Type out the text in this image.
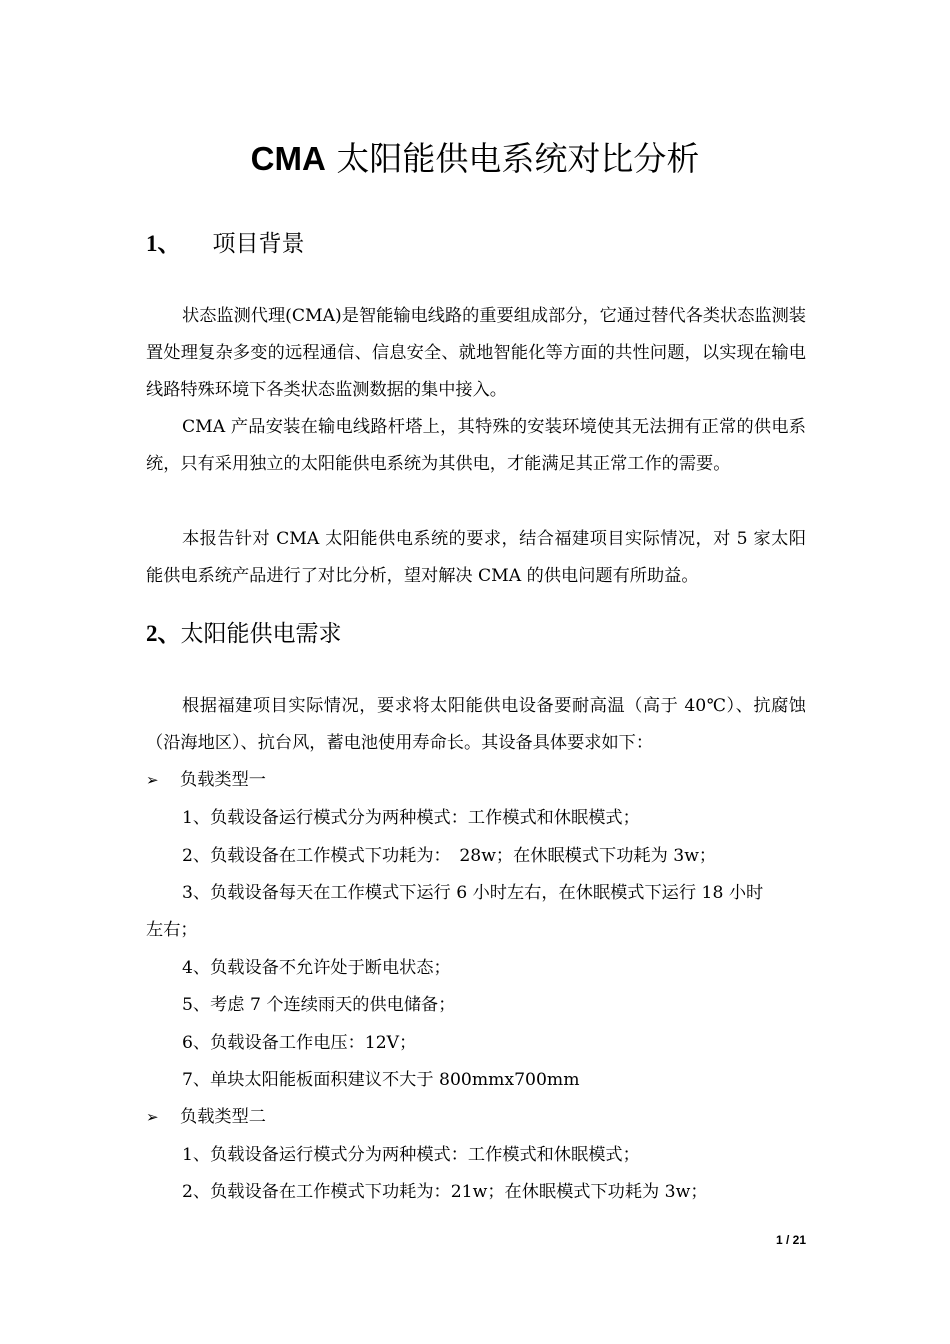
CMA 太阳能供电系统对比分析
1、 项目背景

状态监测代理(CMA)是智能输电线路的重要组成部分，它通过替代各类状态监测装置处理复杂多变的远程通信、信息安全、就地智能化等方面的共性问题，以实现在输电线路特殊环境下各类状态监测数据的集中接入。

CMA 产品安装在输电线路杆塔上，其特殊的安装环境使其无法拥有正常的供电系统，只有采用独立的太阳能供电系统为其供电，才能满足其正常工作的需要。

本报告针对 CMA 太阳能供电系统的要求，结合福建项目实际情况，对 5 家太阳能供电系统产品进行了对比分析，望对解决 CMA 的供电问题有所助益。

2、太阳能供电需求

根据福建项目实际情况，要求将太阳能供电设备要耐高温（高于 40℃）、抗腐蚀（沿海地区）、抗台风，蓄电池使用寿命长。其设备具体要求如下：

➢ 负载类型一
1、负载设备运行模式分为两种模式：工作模式和休眠模式；
2、负载设备在工作模式下功耗为：　28w；在休眠模式下功耗为 3w；
3、负载设备每天在工作模式下运行 6 小时左右，在休眠模式下运行 18 小时
左右；
4、负载设备不允许处于断电状态；
5、考虑 7 个连续雨天的供电储备；
6、负载设备工作电压：12V；
7、单块太阳能板面积建议不大于 800mmx700mm
➢ 负载类型二
1、负载设备运行模式分为两种模式：工作模式和休眠模式；
2、负载设备在工作模式下功耗为：21w；在休眠模式下功耗为 3w；
1 / 21
